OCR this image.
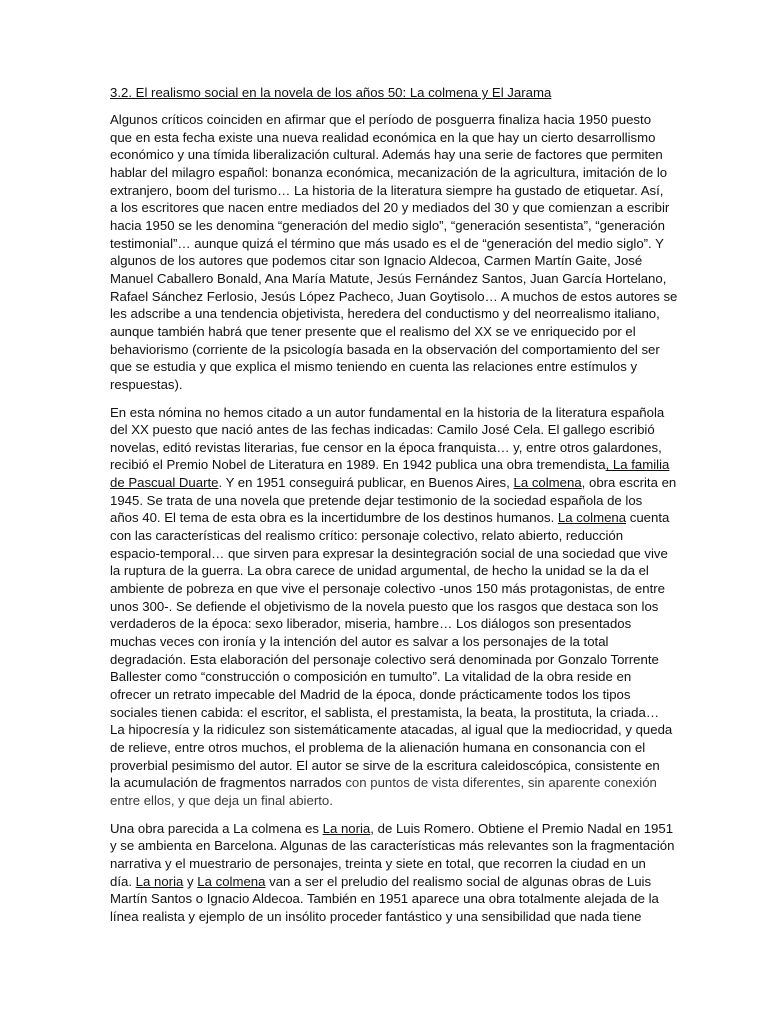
3.2. El realismo social en la novela de los años 50: La colmena y El Jarama
Algunos críticos coinciden en afirmar que el período de posguerra finaliza hacia 1950 puesto
que en esta fecha existe una nueva realidad económica en la que hay un cierto desarrollismo
económico y una tímida liberalización cultural. Además hay una serie de factores que permiten
hablar del milagro español: bonanza económica, mecanización de la agricultura, imitación de lo
extranjero, boom del turismo… La historia de la literatura siempre ha gustado de etiquetar. Así,
a los escritores que nacen entre mediados del 20 y mediados del 30 y que comienzan a escribir
hacia 1950 se les denomina “generación del medio siglo”, “generación sesentista”, “generación
testimonial”… aunque quizá el término que más usado es el de “generación del medio siglo”. Y
algunos de los autores que podemos citar son Ignacio Aldecoa, Carmen Martín Gaite, José
Manuel Caballero Bonald, Ana María Matute, Jesús Fernández Santos, Juan García Hortelano,
Rafael Sánchez Ferlosio, Jesús López Pacheco, Juan Goytisolo… A muchos de estos autores se
les adscribe a una tendencia objetivista, heredera del conductismo y del neorrealismo italiano,
aunque también habrá que tener presente que el realismo del XX se ve enriquecido por el
behaviorismo (corriente de la psicología basada en la observación del comportamiento del ser
que se estudia y que explica el mismo teniendo en cuenta las relaciones entre estímulos y
respuestas).
En esta nómina no hemos citado a un autor fundamental en la historia de la literatura española
del XX puesto que nació antes de las fechas indicadas: Camilo José Cela. El gallego escribió
novelas, editó revistas literarias, fue censor en la época franquista… y, entre otros galardones,
recibió el Premio Nobel de Literatura en 1989. En 1942 publica una obra tremendista, La familia
de Pascual Duarte. Y en 1951 conseguirá publicar, en Buenos Aires, La colmena, obra escrita en
1945. Se trata de una novela que pretende dejar testimonio de la sociedad española de los
años 40. El tema de esta obra es la incertidumbre de los destinos humanos. La colmena cuenta
con las características del realismo crítico: personaje colectivo, relato abierto, reducción
espacio-temporal… que sirven para expresar la desintegración social de una sociedad que vive
la ruptura de la guerra. La obra carece de unidad argumental, de hecho la unidad se la da el
ambiente de pobreza en que vive el personaje colectivo -unos 150 más protagonistas, de entre
unos 300-. Se defiende el objetivismo de la novela puesto que los rasgos que destaca son los
verdaderos de la época: sexo liberador, miseria, hambre… Los diálogos son presentados
muchas veces con ironía y la intención del autor es salvar a los personajes de la total
degradación. Esta elaboración del personaje colectivo será denominada por Gonzalo Torrente
Ballester como “construcción o composición en tumulto”. La vitalidad de la obra reside en
ofrecer un retrato impecable del Madrid de la época, donde prácticamente todos los tipos
sociales tienen cabida: el escritor, el sablista, el prestamista, la beata, la prostituta, la criada…
La hipocresía y la ridiculez son sistemáticamente atacadas, al igual que la mediocridad, y queda
de relieve, entre otros muchos, el problema de la alienación humana en consonancia con el
proverbial pesimismo del autor. El autor se sirve de la escritura caleidoscópica, consistente en
la acumulación de fragmentos narrados con puntos de vista diferentes, sin aparente conexión
entre ellos, y que deja un final abierto.
Una obra parecida a La colmena es La noria, de Luis Romero. Obtiene el Premio Nadal en 1951
y se ambienta en Barcelona. Algunas de las características más relevantes son la fragmentación
narrativa y el muestrario de personajes, treinta y siete en total, que recorren la ciudad en un
día. La noria y La colmena van a ser el preludio del realismo social de algunas obras de Luis
Martín Santos o Ignacio Aldecoa. También en 1951 aparece una obra totalmente alejada de la
línea realista y ejemplo de un insólito proceder fantástico y una sensibilidad que nada tiene
